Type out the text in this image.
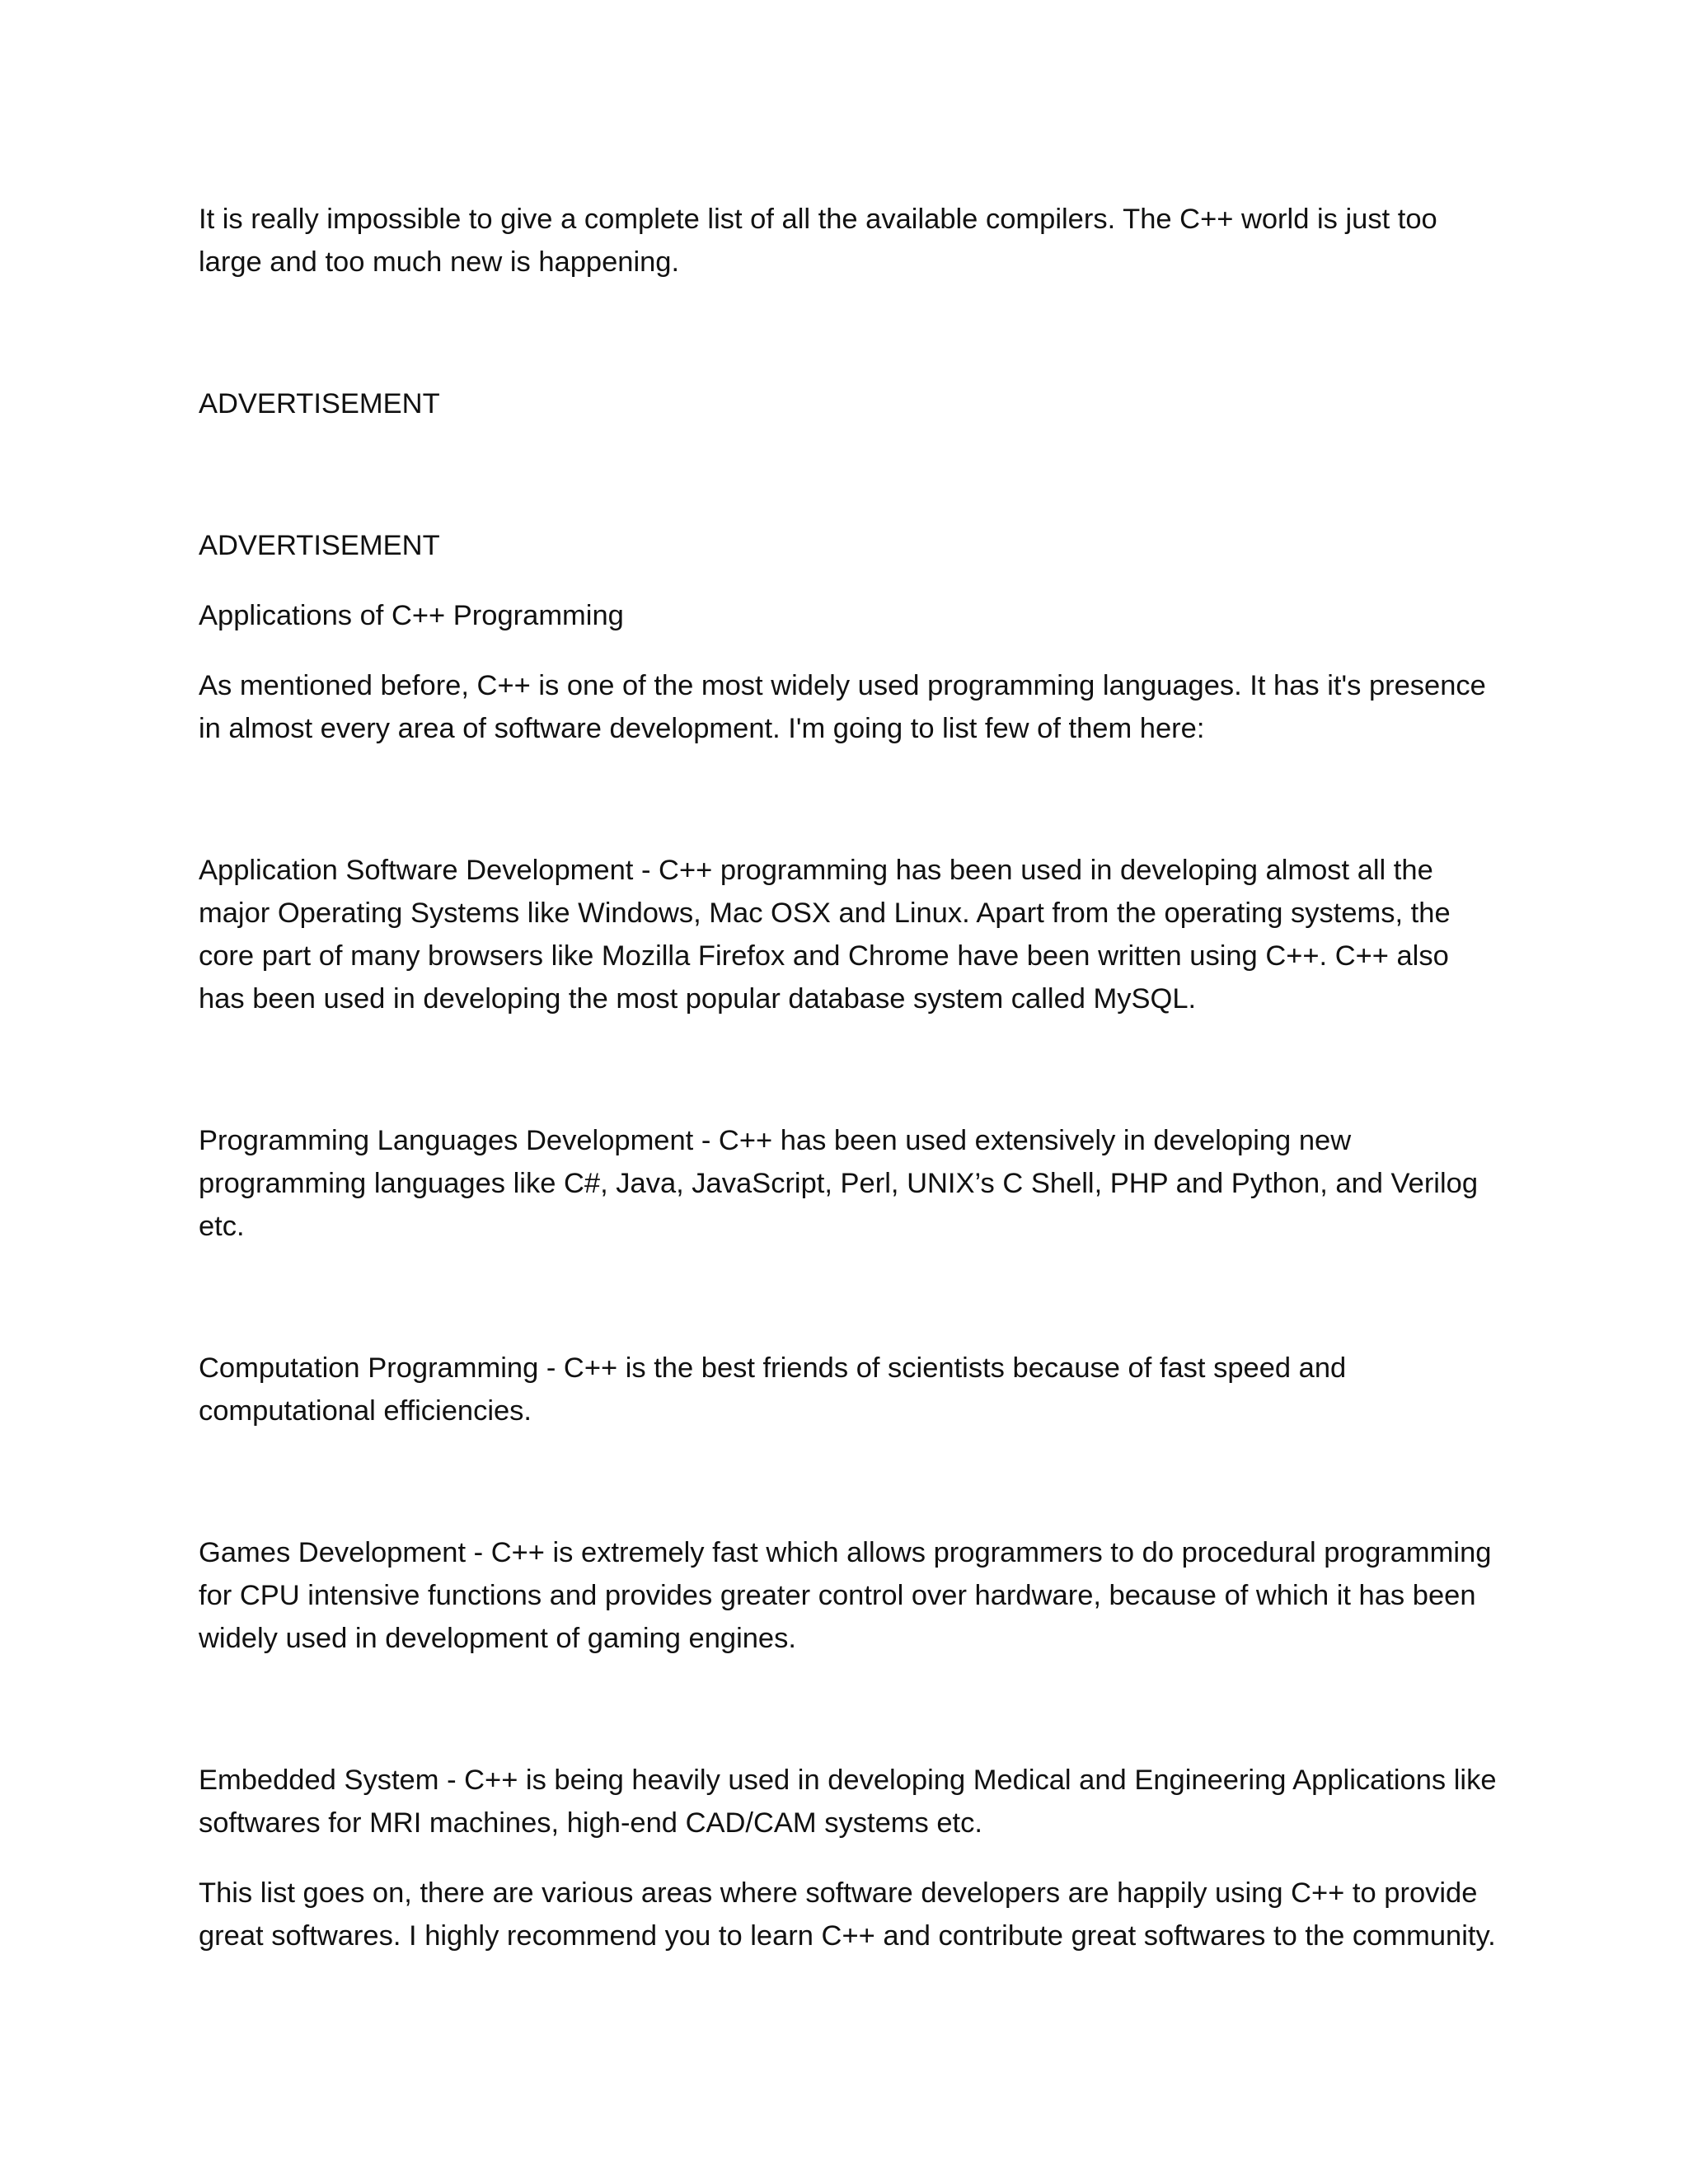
It is really impossible to give a complete list of all the available compilers. The C++ world is just too large and too much new is happening.

ADVERTISEMENT

ADVERTISEMENT

Applications of C++ Programming

As mentioned before, C++ is one of the most widely used programming languages. It has it's presence in almost every area of software development. I'm going to list few of them here:

Application Software Development - C++ programming has been used in developing almost all the major Operating Systems like Windows, Mac OSX and Linux. Apart from the operating systems, the core part of many browsers like Mozilla Firefox and Chrome have been written using C++. C++ also has been used in developing the most popular database system called MySQL.

Programming Languages Development - C++ has been used extensively in developing new programming languages like C#, Java, JavaScript, Perl, UNIX’s C Shell, PHP and Python, and Verilog etc.

Computation Programming - C++ is the best friends of scientists because of fast speed and computational efficiencies.

Games Development - C++ is extremely fast which allows programmers to do procedural programming for CPU intensive functions and provides greater control over hardware, because of which it has been widely used in development of gaming engines.

Embedded System - C++ is being heavily used in developing Medical and Engineering Applications like softwares for MRI machines, high-end CAD/CAM systems etc.

This list goes on, there are various areas where software developers are happily using C++ to provide great softwares. I highly recommend you to learn C++ and contribute great softwares to the community.
